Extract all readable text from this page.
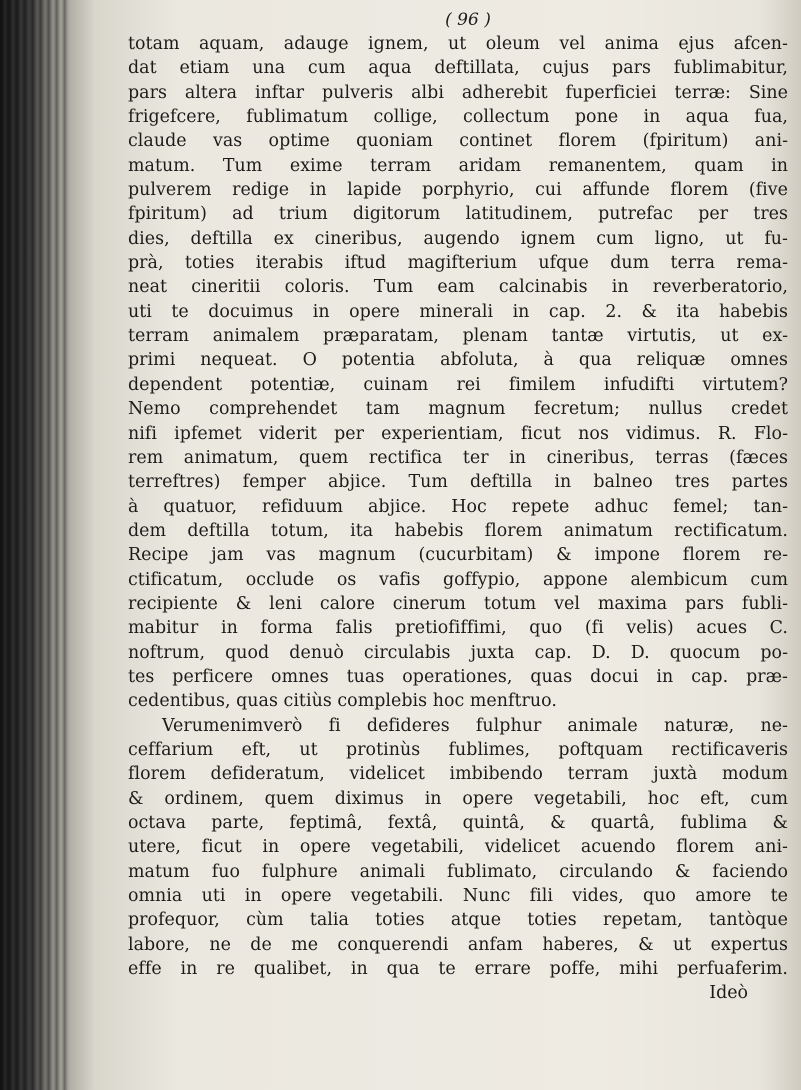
( 96 )
totam aquam, adauge ignem, ut oleum vel anima ejus afcen-
dat etiam una cum aqua deftillata, cujus pars fublimabitur,
pars altera inftar pulveris albi adherebit fuperficiei terræ: Sine
frigefcere, fublimatum collige, collectum pone in aqua fua,
claude vas optime quoniam continet florem (fpiritum) ani-
matum. Tum exime terram aridam remanentem, quam in
pulverem redige in lapide porphyrio, cui affunde florem (five
fpiritum) ad trium digitorum latitudinem, putrefac per tres
dies, deftilla ex cineribus, augendo ignem cum ligno, ut fu-
prà, toties iterabis iftud magifterium ufque dum terra rema-
neat cineritii coloris. Tum eam calcinabis in reverberatorio,
uti te docuimus in opere minerali in cap. 2. & ita habebis
terram animalem præparatam, plenam tantæ virtutis, ut ex-
primi nequeat. O potentia abfoluta, à qua reliquæ omnes
dependent potentiæ, cuinam rei fimilem infudifti virtutem?
Nemo comprehendet tam magnum fecretum; nullus credet
nifi ipfemet viderit per experientiam, ficut nos vidimus. R. Flo-
rem animatum, quem rectifica ter in cineribus, terras (fæces
terreftres) femper abjice. Tum deftilla in balneo tres partes
à quatuor, refiduum abjice. Hoc repete adhuc femel; tan-
dem deftilla totum, ita habebis florem animatum rectificatum.
Recipe jam vas magnum (cucurbitam) & impone florem re-
ctificatum, occlude os vafis goffypio, appone alembicum cum
recipiente & leni calore cinerum totum vel maxima pars fubli-
mabitur in forma falis pretiofiffimi, quo (fi velis) acues C.
noftrum, quod denuò circulabis juxta cap. D. D. quocum po-
tes perficere omnes tuas operationes, quas docui in cap. præ-
cedentibus, quas citiùs complebis hoc menftruo.
Verumenimverò fi defideres fulphur animale naturæ, ne-
ceffarium eft, ut protinùs fublimes, poftquam rectificaveris
florem defideratum, videlicet imbibendo terram juxtà modum
& ordinem, quem diximus in opere vegetabili, hoc eft, cum
octava parte, feptimâ, fextâ, quintâ, & quartâ, fublima &
utere, ficut in opere vegetabili, videlicet acuendo florem ani-
matum fuo fulphure animali fublimato, circulando & faciendo
omnia uti in opere vegetabili. Nunc fili vides, quo amore te
profequor, cùm talia toties atque toties repetam, tantòque
labore, ne de me conquerendi anfam haberes, & ut expertus
effe in re qualibet, in qua te errare poffe, mihi perfuaferim.
Ideò
